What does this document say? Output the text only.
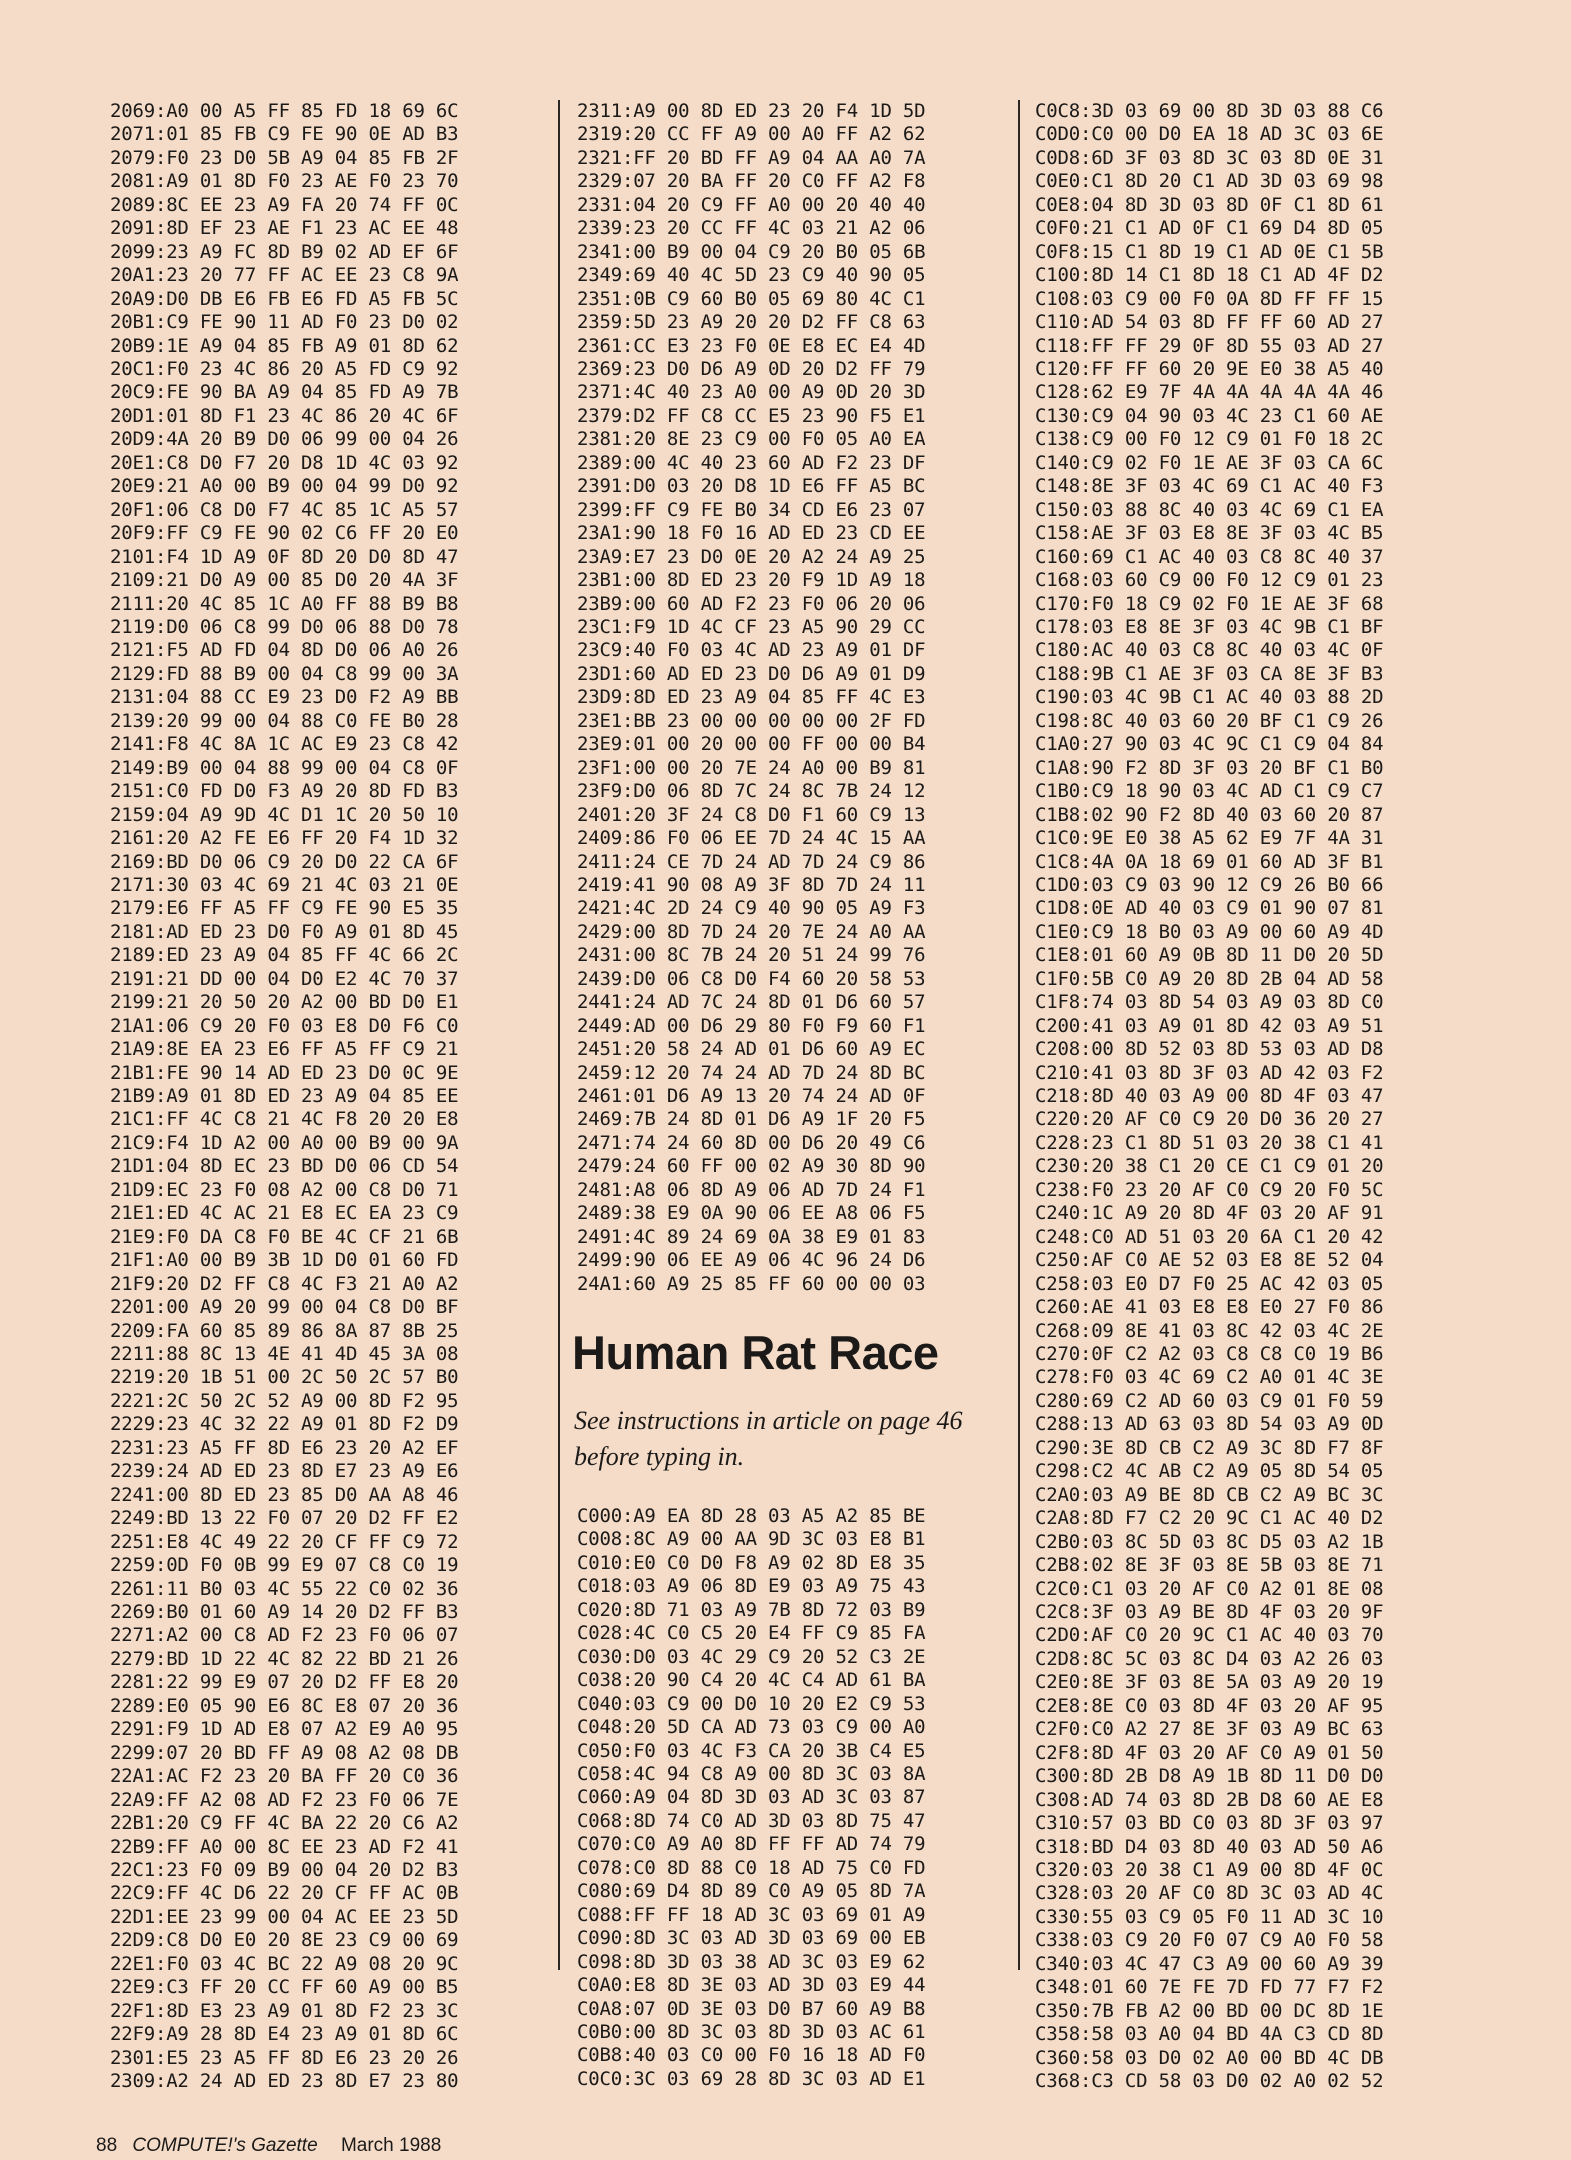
2069:A0 00 A5 FF 85 FD 18 69 6C
2071:01 85 FB C9 FE 90 0E AD B3
2079:F0 23 D0 5B A9 04 85 FB 2F
2081:A9 01 8D F0 23 AE F0 23 70
2089:8C EE 23 A9 FA 20 74 FF 0C
2091:8D EF 23 AE F1 23 AC EE 48
2099:23 A9 FC 8D B9 02 AD EF 6F
20A1:23 20 77 FF AC EE 23 C8 9A
20A9:D0 DB E6 FB E6 FD A5 FB 5C
20B1:C9 FE 90 11 AD F0 23 D0 02
20B9:1E A9 04 85 FB A9 01 8D 62
20C1:F0 23 4C 86 20 A5 FD C9 92
20C9:FE 90 BA A9 04 85 FD A9 7B
20D1:01 8D F1 23 4C 86 20 4C 6F
20D9:4A 20 B9 D0 06 99 00 04 26
20E1:C8 D0 F7 20 D8 1D 4C 03 92
20E9:21 A0 00 B9 00 04 99 D0 92
20F1:06 C8 D0 F7 4C 85 1C A5 57
20F9:FF C9 FE 90 02 C6 FF 20 E0
2101:F4 1D A9 0F 8D 20 D0 8D 47
2109:21 D0 A9 00 85 D0 20 4A 3F
2111:20 4C 85 1C A0 FF 88 B9 B8
2119:D0 06 C8 99 D0 06 88 D0 78
2121:F5 AD FD 04 8D D0 06 A0 26
2129:FD 88 B9 00 04 C8 99 00 3A
2131:04 88 CC E9 23 D0 F2 A9 BB
2139:20 99 00 04 88 C0 FE B0 28
2141:F8 4C 8A 1C AC E9 23 C8 42
2149:B9 00 04 88 99 00 04 C8 0F
2151:C0 FD D0 F3 A9 20 8D FD B3
2159:04 A9 9D 4C D1 1C 20 50 10
2161:20 A2 FE E6 FF 20 F4 1D 32
2169:BD D0 06 C9 20 D0 22 CA 6F
2171:30 03 4C 69 21 4C 03 21 0E
2179:E6 FF A5 FF C9 FE 90 E5 35
2181:AD ED 23 D0 F0 A9 01 8D 45
2189:ED 23 A9 04 85 FF 4C 66 2C
2191:21 DD 00 04 D0 E2 4C 70 37
2199:21 20 50 20 A2 00 BD D0 E1
21A1:06 C9 20 F0 03 E8 D0 F6 C0
21A9:8E EA 23 E6 FF A5 FF C9 21
21B1:FE 90 14 AD ED 23 D0 0C 9E
21B9:A9 01 8D ED 23 A9 04 85 EE
21C1:FF 4C C8 21 4C F8 20 20 E8
21C9:F4 1D A2 00 A0 00 B9 00 9A
21D1:04 8D EC 23 BD D0 06 CD 54
21D9:EC 23 F0 08 A2 00 C8 D0 71
21E1:ED 4C AC 21 E8 EC EA 23 C9
21E9:F0 DA C8 F0 BE 4C CF 21 6B
21F1:A0 00 B9 3B 1D D0 01 60 FD
21F9:20 D2 FF C8 4C F3 21 A0 A2
2201:00 A9 20 99 00 04 C8 D0 BF
2209:FA 60 85 89 86 8A 87 8B 25
2211:88 8C 13 4E 41 4D 45 3A 08
2219:20 1B 51 00 2C 50 2C 57 B0
2221:2C 50 2C 52 A9 00 8D F2 95
2229:23 4C 32 22 A9 01 8D F2 D9
2231:23 A5 FF 8D E6 23 20 A2 EF
2239:24 AD ED 23 8D E7 23 A9 E6
2241:00 8D ED 23 85 D0 AA A8 46
2249:BD 13 22 F0 07 20 D2 FF E2
2251:E8 4C 49 22 20 CF FF C9 72
2259:0D F0 0B 99 E9 07 C8 C0 19
2261:11 B0 03 4C 55 22 C0 02 36
2269:B0 01 60 A9 14 20 D2 FF B3
2271:A2 00 C8 AD F2 23 F0 06 07
2279:BD 1D 22 4C 82 22 BD 21 26
2281:22 99 E9 07 20 D2 FF E8 20
2289:E0 05 90 E6 8C E8 07 20 36
2291:F9 1D AD E8 07 A2 E9 A0 95
2299:07 20 BD FF A9 08 A2 08 DB
22A1:AC F2 23 20 BA FF 20 C0 36
22A9:FF A2 08 AD F2 23 F0 06 7E
22B1:20 C9 FF 4C BA 22 20 C6 A2
22B9:FF A0 00 8C EE 23 AD F2 41
22C1:23 F0 09 B9 00 04 20 D2 B3
22C9:FF 4C D6 22 20 CF FF AC 0B
22D1:EE 23 99 00 04 AC EE 23 5D
22D9:C8 D0 E0 20 8E 23 C9 00 69
22E1:F0 03 4C BC 22 A9 08 20 9C
22E9:C3 FF 20 CC FF 60 A9 00 B5
22F1:8D E3 23 A9 01 8D F2 23 3C
22F9:A9 28 8D E4 23 A9 01 8D 6C
2301:E5 23 A5 FF 8D E6 23 20 26
2309:A2 24 AD ED 23 8D E7 23 80
2311:A9 00 8D ED 23 20 F4 1D 5D
2319:20 CC FF A9 00 A0 FF A2 62
2321:FF 20 BD FF A9 04 AA A0 7A
2329:07 20 BA FF 20 C0 FF A2 F8
2331:04 20 C9 FF A0 00 20 40 40
2339:23 20 CC FF 4C 03 21 A2 06
2341:00 B9 00 04 C9 20 B0 05 6B
2349:69 40 4C 5D 23 C9 40 90 05
2351:0B C9 60 B0 05 69 80 4C C1
2359:5D 23 A9 20 20 D2 FF C8 63
2361:CC E3 23 F0 0E E8 EC E4 4D
2369:23 D0 D6 A9 0D 20 D2 FF 79
2371:4C 40 23 A0 00 A9 0D 20 3D
2379:D2 FF C8 CC E5 23 90 F5 E1
2381:20 8E 23 C9 00 F0 05 A0 EA
2389:00 4C 40 23 60 AD F2 23 DF
2391:D0 03 20 D8 1D E6 FF A5 BC
2399:FF C9 FE B0 34 CD E6 23 07
23A1:90 18 F0 16 AD ED 23 CD EE
23A9:E7 23 D0 0E 20 A2 24 A9 25
23B1:00 8D ED 23 20 F9 1D A9 18
23B9:00 60 AD F2 23 F0 06 20 06
23C1:F9 1D 4C CF 23 A5 90 29 CC
23C9:40 F0 03 4C AD 23 A9 01 DF
23D1:60 AD ED 23 D0 D6 A9 01 D9
23D9:8D ED 23 A9 04 85 FF 4C E3
23E1:BB 23 00 00 00 00 00 2F FD
23E9:01 00 20 00 00 FF 00 00 B4
23F1:00 00 20 7E 24 A0 00 B9 81
23F9:D0 06 8D 7C 24 8C 7B 24 12
2401:20 3F 24 C8 D0 F1 60 C9 13
2409:86 F0 06 EE 7D 24 4C 15 AA
2411:24 CE 7D 24 AD 7D 24 C9 86
2419:41 90 08 A9 3F 8D 7D 24 11
2421:4C 2D 24 C9 40 90 05 A9 F3
2429:00 8D 7D 24 20 7E 24 A0 AA
2431:00 8C 7B 24 20 51 24 99 76
2439:D0 06 C8 D0 F4 60 20 58 53
2441:24 AD 7C 24 8D 01 D6 60 57
2449:AD 00 D6 29 80 F0 F9 60 F1
2451:20 58 24 AD 01 D6 60 A9 EC
2459:12 20 74 24 AD 7D 24 8D BC
2461:01 D6 A9 13 20 74 24 AD 0F
2469:7B 24 8D 01 D6 A9 1F 20 F5
2471:74 24 60 8D 00 D6 20 49 C6
2479:24 60 FF 00 02 A9 30 8D 90
2481:A8 06 8D A9 06 AD 7D 24 F1
2489:38 E9 0A 90 06 EE A8 06 F5
2491:4C 89 24 69 0A 38 E9 01 83
2499:90 06 EE A9 06 4C 96 24 D6
24A1:60 A9 25 85 FF 60 00 00 03
Human Rat Race
See instructions in article on page 46 before typing in.
C000:A9 EA 8D 28 03 A5 A2 85 BE
C008:8C A9 00 AA 9D 3C 03 E8 B1
C010:E0 C0 D0 F8 A9 02 8D E8 35
C018:03 A9 06 8D E9 03 A9 75 43
C020:8D 71 03 A9 7B 8D 72 03 B9
C028:4C C0 C5 20 E4 FF C9 85 FA
C030:D0 03 4C 29 C9 20 52 C3 2E
C038:20 90 C4 20 4C C4 AD 61 BA
C040:03 C9 00 D0 10 20 E2 C9 53
C048:20 5D CA AD 73 03 C9 00 A0
C050:F0 03 4C F3 CA 20 3B C4 E5
C058:4C 94 C8 A9 00 8D 3C 03 8A
C060:A9 04 8D 3D 03 AD 3C 03 87
C068:8D 74 C0 AD 3D 03 8D 75 47
C070:C0 A9 A0 8D FF FF AD 74 79
C078:C0 8D 88 C0 18 AD 75 C0 FD
C080:69 D4 8D 89 C0 A9 05 8D 7A
C088:FF FF 18 AD 3C 03 69 01 A9
C090:8D 3C 03 AD 3D 03 69 00 EB
C098:8D 3D 03 38 AD 3C 03 E9 62
C0A0:E8 8D 3E 03 AD 3D 03 E9 44
C0A8:07 0D 3E 03 D0 B7 60 A9 B8
C0B0:00 8D 3C 03 8D 3D 03 AC 61
C0B8:40 03 C0 00 F0 16 18 AD F0
C0C0:3C 03 69 28 8D 3C 03 AD E1
C0C8:3D 03 69 00 8D 3D 03 88 C6
C0D0:C0 00 D0 EA 18 AD 3C 03 6E
C0D8:6D 3F 03 8D 3C 03 8D 0E 31
C0E0:C1 8D 20 C1 AD 3D 03 69 98
C0E8:04 8D 3D 03 8D 0F C1 8D 61
C0F0:21 C1 AD 0F C1 69 D4 8D 05
C0F8:15 C1 8D 19 C1 AD 0E C1 5B
C100:8D 14 C1 8D 18 C1 AD 4F D2
C108:03 C9 00 F0 0A 8D FF FF 15
C110:AD 54 03 8D FF FF 60 AD 27
C118:FF FF 29 0F 8D 55 03 AD 27
C120:FF FF 60 20 9E E0 38 A5 40
C128:62 E9 7F 4A 4A 4A 4A 4A 46
C130:C9 04 90 03 4C 23 C1 60 AE
C138:C9 00 F0 12 C9 01 F0 18 2C
C140:C9 02 F0 1E AE 3F 03 CA 6C
C148:8E 3F 03 4C 69 C1 AC 40 F3
C150:03 88 8C 40 03 4C 69 C1 EA
C158:AE 3F 03 E8 8E 3F 03 4C B5
C160:69 C1 AC 40 03 C8 8C 40 37
C168:03 60 C9 00 F0 12 C9 01 23
C170:F0 18 C9 02 F0 1E AE 3F 68
C178:03 E8 8E 3F 03 4C 9B C1 BF
C180:AC 40 03 C8 8C 40 03 4C 0F
C188:9B C1 AE 3F 03 CA 8E 3F B3
C190:03 4C 9B C1 AC 40 03 88 2D
C198:8C 40 03 60 20 BF C1 C9 26
C1A0:27 90 03 4C 9C C1 C9 04 84
C1A8:90 F2 8D 3F 03 20 BF C1 B0
C1B0:C9 18 90 03 4C AD C1 C9 C7
C1B8:02 90 F2 8D 40 03 60 20 87
C1C0:9E E0 38 A5 62 E9 7F 4A 31
C1C8:4A 0A 18 69 01 60 AD 3F B1
C1D0:03 C9 03 90 12 C9 26 B0 66
C1D8:0E AD 40 03 C9 01 90 07 81
C1E0:C9 18 B0 03 A9 00 60 A9 4D
C1E8:01 60 A9 0B 8D 11 D0 20 5D
C1F0:5B C0 A9 20 8D 2B 04 AD 58
C1F8:74 03 8D 54 03 A9 03 8D C0
C200:41 03 A9 01 8D 42 03 A9 51
C208:00 8D 52 03 8D 53 03 AD D8
C210:41 03 8D 3F 03 AD 42 03 F2
C218:8D 40 03 A9 00 8D 4F 03 47
C220:20 AF C0 C9 20 D0 36 20 27
C228:23 C1 8D 51 03 20 38 C1 41
C230:20 38 C1 20 CE C1 C9 01 20
C238:F0 23 20 AF C0 C9 20 F0 5C
C240:1C A9 20 8D 4F 03 20 AF 91
C248:C0 AD 51 03 20 6A C1 20 42
C250:AF C0 AE 52 03 E8 8E 52 04
C258:03 E0 D7 F0 25 AC 42 03 05
C260:AE 41 03 E8 E8 E0 27 F0 86
C268:09 8E 41 03 8C 42 03 4C 2E
C270:0F C2 A2 03 C8 C8 C0 19 B6
C278:F0 03 4C 69 C2 A0 01 4C 3E
C280:69 C2 AD 60 03 C9 01 F0 59
C288:13 AD 63 03 8D 54 03 A9 0D
C290:3E 8D CB C2 A9 3C 8D F7 8F
C298:C2 4C AB C2 A9 05 8D 54 05
C2A0:03 A9 BE 8D CB C2 A9 BC 3C
C2A8:8D F7 C2 20 9C C1 AC 40 D2
C2B0:03 8C 5D 03 8C D5 03 A2 1B
C2B8:02 8E 3F 03 8E 5B 03 8E 71
C2C0:C1 03 20 AF C0 A2 01 8E 08
C2C8:3F 03 A9 BE 8D 4F 03 20 9F
C2D0:AF C0 20 9C C1 AC 40 03 70
C2D8:8C 5C 03 8C D4 03 A2 26 03
C2E0:8E 3F 03 8E 5A 03 A9 20 19
C2E8:8E C0 03 8D 4F 03 20 AF 95
C2F0:C0 A2 27 8E 3F 03 A9 BC 63
C2F8:8D 4F 03 20 AF C0 A9 01 50
C300:8D 2B D8 A9 1B 8D 11 D0 D0
C308:AD 74 03 8D 2B D8 60 AE E8
C310:57 03 BD C0 03 8D 3F 03 97
C318:BD D4 03 8D 40 03 AD 50 A6
C320:03 20 38 C1 A9 00 8D 4F 0C
C328:03 20 AF C0 8D 3C 03 AD 4C
C330:55 03 C9 05 F0 11 AD 3C 10
C338:03 C9 20 F0 07 C9 A0 F0 58
C340:03 4C 47 C3 A9 00 60 A9 39
C348:01 60 7E FE 7D FD 77 F7 F2
C350:7B FB A2 00 BD 00 DC 8D 1E
C358:58 03 A0 04 BD 4A C3 CD 8D
C360:58 03 D0 02 A0 00 BD 4C DB
C368:C3 CD 58 03 D0 02 A0 02 52
88 COMPUTE!'s Gazette March 1988
